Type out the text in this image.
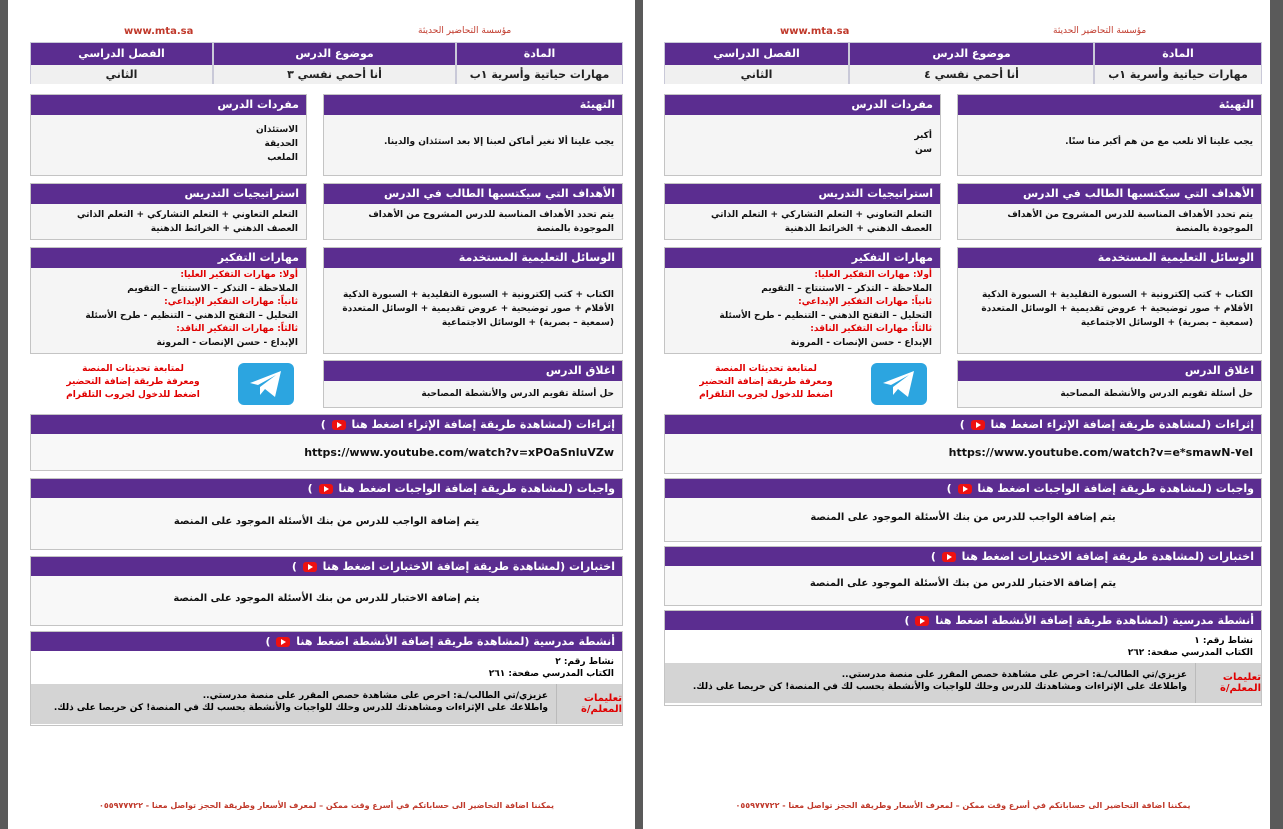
www.mta.sa	مؤسسة التحاضير الحديثة
المادة
مهارات حياتية وأسرية ١ب
موضوع الدرس
أنا أحمي نفسي ٣
الفصل الدراسي
الثاني
التهيئة
يجب علينا ألا نغير أماكن لعبنا إلا بعد استئذان والدينا.
مفردات الدرس
الاستئذان
الحديقة
الملعب
الأهداف التي سيكتسبها الطالب في الدرس
يتم تحدد الأهداف المناسبة للدرس المشروح من الأهداف الموجودة بالمنصة
استراتيجيات التدريس
التعلم التعاوني + التعلم التشاركي + التعلم الذاتي
العصف الذهني + الخرائط الذهنية
الوسائل التعليمية المستخدمة
الكتاب + كتب إلكترونية + السبورة التقليدية + السبورة الذكية
الأقلام + صور توضيحية + عروض تقديمية + الوسائل المتعددة
(سمعية – بصرية) + الوسائل الاجتماعية
مهارات التفكير
أولا: مهارات التفكير العليا:
الملاحظة – التذكر – الاستنتاج – التقويم
ثانياً: مهارات التفكير الإبداعي:
التحليل – التفتح الذهني – التنظيم - طرح الأسئلة
ثالثاً: مهارات التفكير الناقد:
الإبداع - حسن الإنصات - المرونة
اغلاق الدرس
حل أسئلة تقويم الدرس والأنشطة المصاحبة
لمتابعة تحديثات المنصة
ومعرفة طريقة إضافة التحضير
اضغط للدخول لجروب التلقرام
إثراءات (لمشاهدة طريقة إضافة الإثراء اضغط هنا  )
https://www.youtube.com/watch?v=xPOaSnluVZw
واجبات (لمشاهدة طريقة إضافة الواجبات اضغط هنا  )
يتم إضافة الواجب للدرس من بنك الأسئلة الموجود على المنصة
اختبارات (لمشاهدة طريقة إضافة الاختبارات اضغط هنا  )
يتم إضافة الاختبار للدرس من بنك الأسئلة الموجود على المنصة
أنشطة مدرسية (لمشاهدة طريقة إضافة الأنشطة اضغط هنا  )
نشاط رقم: ٢
الكتاب المدرسي صفحة: ٢٦١
تعليمات المعلم/ة
عزيزي/تي الطالب/ـة: احرص على مشاهدة حصص المقرر على منصة مدرستي..
واطلاعك على الإثراءات ومشاهدتك للدرس وحلك للواجبات والأنشطة بحسب لك في المنصة! كن حريصا على ذلك.
يمكننا اضافة التحاضير الى حساباتكم في أسرع وقت ممكن – لمعرف الأسعار وطريقة الحجز تواصل معنا - ٠٥٥٩٧٧٧٢٢
www.mta.sa	مؤسسة التحاضير الحديثة
المادة
مهارات حياتية وأسرية ١ب
موضوع الدرس
أنا أحمي نفسي ٤
الفصل الدراسي
الثاني
التهيئة
يجب علينا ألا نلعب مع من هم أكبر منا سنًا.
مفردات الدرس
أكبر
سن
الأهداف التي سيكتسبها الطالب في الدرس
يتم تحدد الأهداف المناسبة للدرس المشروح من الأهداف الموجودة بالمنصة
استراتيجيات التدريس
التعلم التعاوني + التعلم التشاركي + التعلم الذاتي
العصف الذهني + الخرائط الذهنية
الوسائل التعليمية المستخدمة
الكتاب + كتب إلكترونية + السبورة التقليدية + السبورة الذكية
الأقلام + صور توضيحية + عروض تقديمية + الوسائل المتعددة
(سمعية – بصرية) + الوسائل الاجتماعية
مهارات التفكير
أولا: مهارات التفكير العليا:
الملاحظة – التذكر – الاستنتاج – التقويم
ثانياً: مهارات التفكير الإبداعي:
التحليل – التفتح الذهني – التنظيم - طرح الأسئلة
ثالثاً: مهارات التفكير الناقد:
الإبداع - حسن الإنصات - المرونة
اغلاق الدرس
حل أسئلة تقويم الدرس والأنشطة المصاحبة
لمتابعة تحديثات المنصة
ومعرفة طريقة إضافة التحضير
اضغط للدخول لجروب التلقرام
إثراءات (لمشاهدة طريقة إضافة الإثراء اضغط هنا  )
https://www.youtube.com/watch?v=e*smawN-٧el
واجبات (لمشاهدة طريقة إضافة الواجبات اضغط هنا  )
يتم إضافة الواجب للدرس من بنك الأسئلة الموجود على المنصة
اختبارات (لمشاهدة طريقة إضافة الاختبارات اضغط هنا  )
يتم إضافة الاختبار للدرس من بنك الأسئلة الموجود على المنصة
أنشطة مدرسية (لمشاهدة طريقة إضافة الأنشطة اضغط هنا  )
نشاط رقم: ١
الكتاب المدرسي صفحة: ٢٦٢
تعليمات المعلم/ة
عزيزي/تي الطالب/ـة: احرص على مشاهدة حصص المقرر على منصة مدرستي..
واطلاعك على الإثراءات ومشاهدتك للدرس وحلك للواجبات والأنشطة بحسب لك في المنصة! كن حريصا على ذلك.
يمكننا اضافة التحاضير الى حساباتكم في أسرع وقت ممكن – لمعرف الأسعار وطريقة الحجز تواصل معنا - ٠٥٥٩٧٧٧٢٢
